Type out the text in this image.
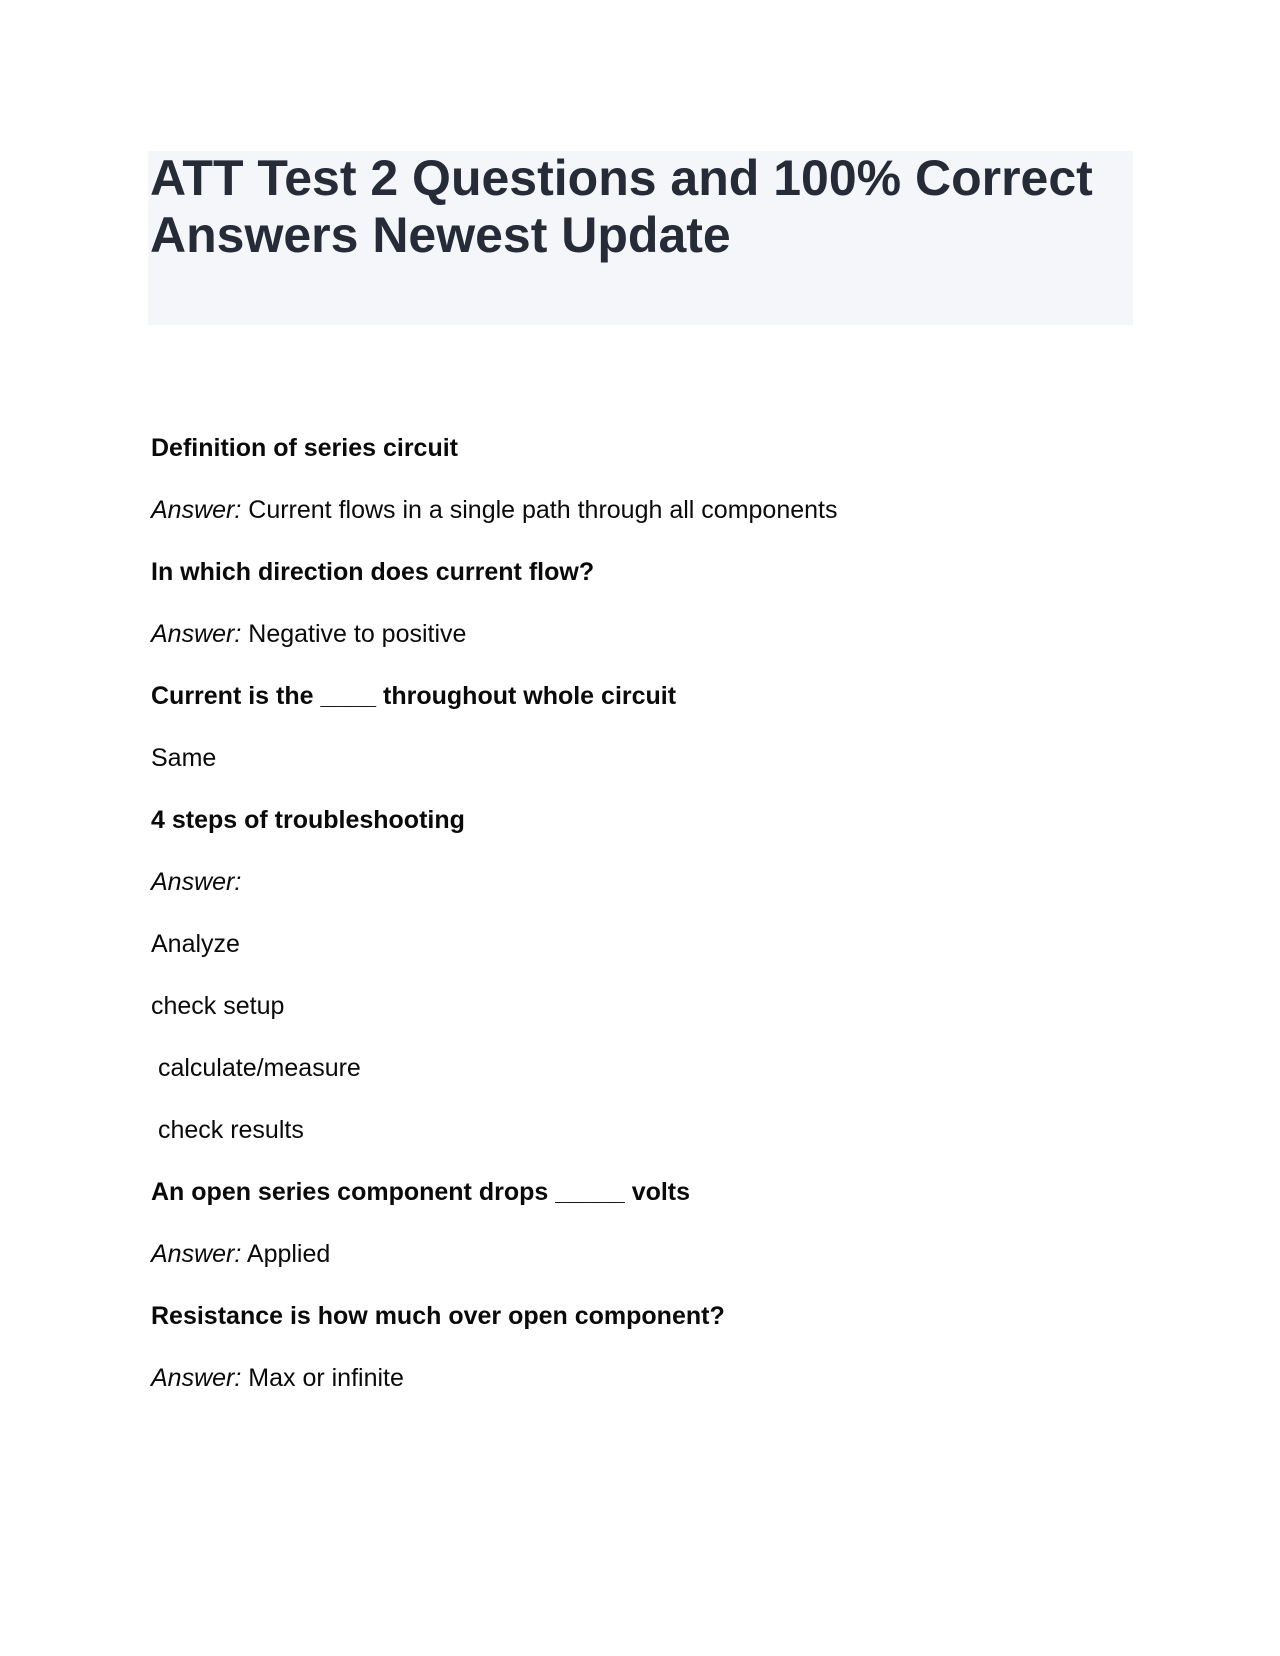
ATT Test 2 Questions and 100% Correct Answers Newest Update
Definition of series circuit
Answer: Current flows in a single path through all components
In which direction does current flow?
Answer: Negative to positive
Current is the ____ throughout whole circuit
Same
4 steps of troubleshooting
Answer:
Analyze
check setup
calculate/measure
check results
An open series component drops _____ volts
Answer: Applied
Resistance is how much over open component?
Answer: Max or infinite
